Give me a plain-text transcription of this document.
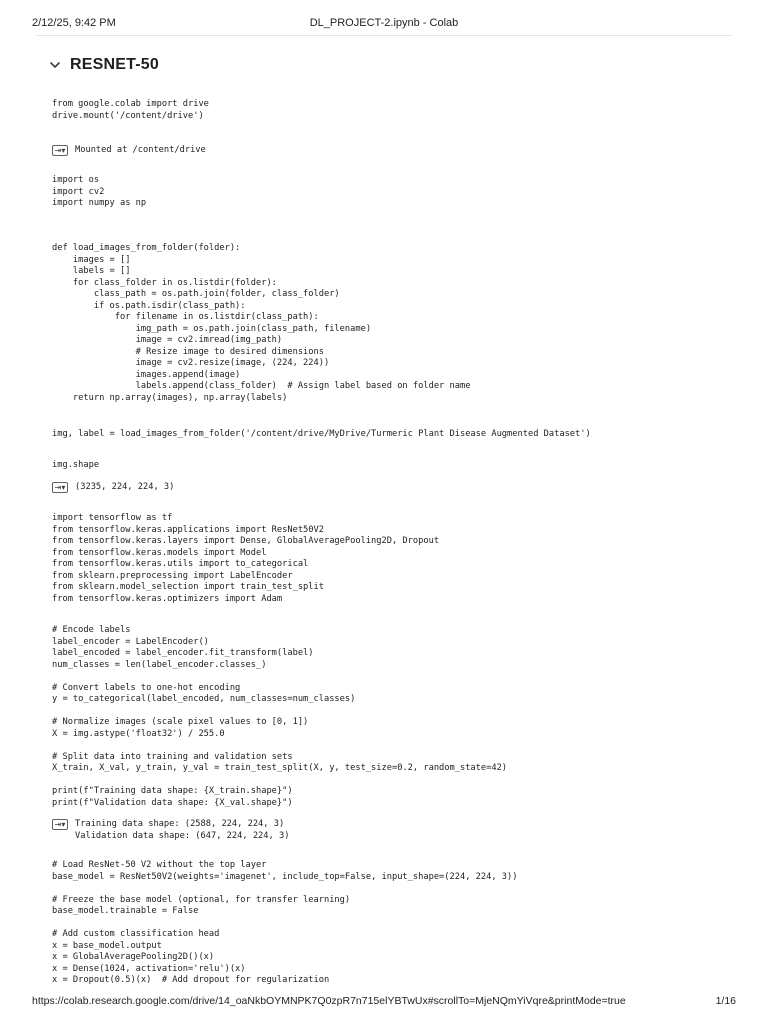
2/12/25, 9:42 PM	DL_PROJECT-2.ipynb - Colab
RESNET-50
from google.colab import drive
drive.mount('/content/drive')
⇥▾	Mounted at /content/drive
import os
import cv2
import numpy as np
def load_images_from_folder(folder):
images = []
labels = []
for class_folder in os.listdir(folder):
class_path = os.path.join(folder, class_folder)
if os.path.isdir(class_path):
for filename in os.listdir(class_path):
img_path = os.path.join(class_path, filename)
image = cv2.imread(img_path)
# Resize image to desired dimensions
image = cv2.resize(image, (224, 224))
images.append(image)
labels.append(class_folder)  # Assign label based on folder name
return np.array(images), np.array(labels)
img, label = load_images_from_folder('/content/drive/MyDrive/Turmeric Plant Disease Augmented Dataset')
img.shape
⇥▾	(3235, 224, 224, 3)
import tensorflow as tf
from tensorflow.keras.applications import ResNet50V2
from tensorflow.keras.layers import Dense, GlobalAveragePooling2D, Dropout
from tensorflow.keras.models import Model
from tensorflow.keras.utils import to_categorical
from sklearn.preprocessing import LabelEncoder
from sklearn.model_selection import train_test_split
from tensorflow.keras.optimizers import Adam
# Encode labels
label_encoder = LabelEncoder()
label_encoded = label_encoder.fit_transform(label)
num_classes = len(label_encoder.classes_)

# Convert labels to one-hot encoding
y = to_categorical(label_encoded, num_classes=num_classes)

# Normalize images (scale pixel values to [0, 1])
X = img.astype('float32') / 255.0

# Split data into training and validation sets
X_train, X_val, y_train, y_val = train_test_split(X, y, test_size=0.2, random_state=42)

print(f"Training data shape: {X_train.shape}")
print(f"Validation data shape: {X_val.shape}")
⇥▾	Training data shape: (2588, 224, 224, 3)
Validation data shape: (647, 224, 224, 3)
# Load ResNet-50 V2 without the top layer
base_model = ResNet50V2(weights='imagenet', include_top=False, input_shape=(224, 224, 3))

# Freeze the base model (optional, for transfer learning)
base_model.trainable = False

# Add custom classification head
x = base_model.output
x = GlobalAveragePooling2D()(x)
x = Dense(1024, activation='relu')(x)
x = Dropout(0.5)(x)  # Add dropout for regularization
https://colab.research.google.com/drive/14_oaNkbOYMNPK7Q0zpR7n715elYBTwUx#scrollTo=MjeNQmYiVqre&printMode=true	1/16
